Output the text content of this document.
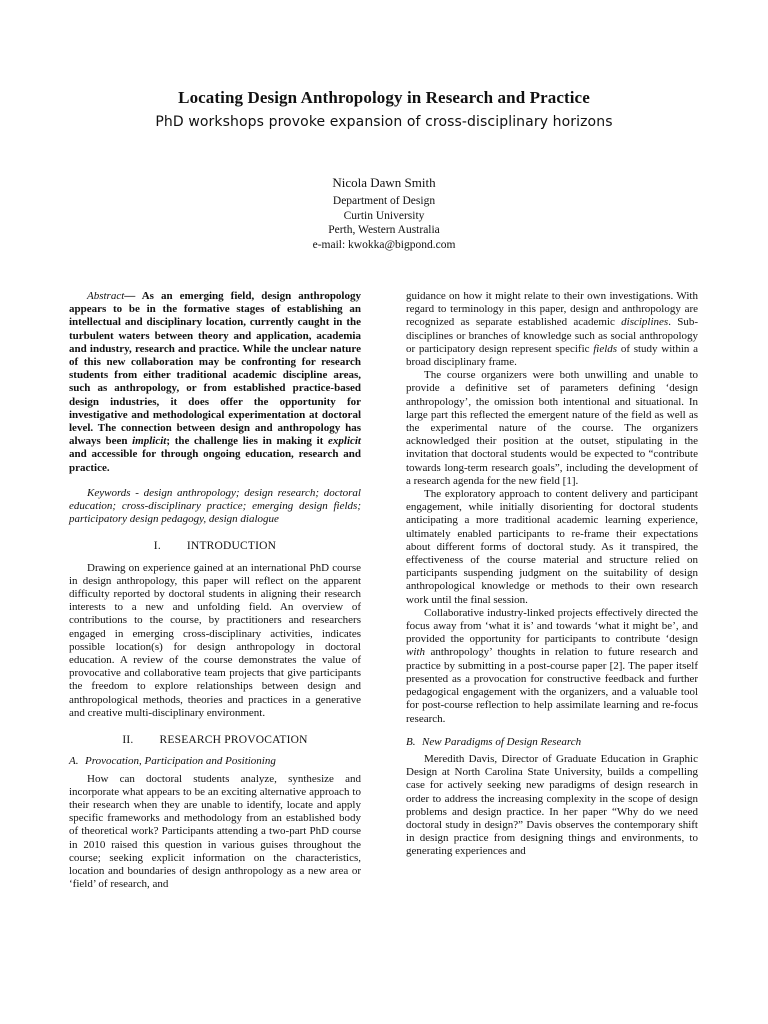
Locating Design Anthropology in Research and Practice
PhD workshops provoke expansion of cross-disciplinary horizons
Nicola Dawn Smith
Department of Design
Curtin University
Perth, Western Australia
e-mail: kwokka@bigpond.com

Abstract— As an emerging field, design anthropology appears to be in the formative stages of establishing an intellectual and disciplinary location, currently caught in the turbulent waters between theory and application, academia and industry, research and practice. While the unclear nature of this new collaboration may be confronting for research students from either traditional academic discipline areas, such as anthropology, or from established practice-based design industries, it does offer the opportunity for investigative and methodological experimentation at doctoral level. The connection between design and anthropology has always been implicit; the challenge lies in making it explicit and accessible for through ongoing education, research and practice.

Keywords - design anthropology; design research; doctoral education; cross-disciplinary practice; emerging design fields; participatory design pedagogy, design dialogue

I. INTRODUCTION

Drawing on experience gained at an international PhD course in design anthropology, this paper will reflect on the apparent difficulty reported by doctoral students in aligning their research interests to a new and unfolding field. An overview of contributions to the course, by practitioners and researchers engaged in emerging cross-disciplinary activities, indicates possible location(s) for design anthropology in doctoral education. A review of the course demonstrates the value of provocative and collaborative team projects that give participants the freedom to explore relationships between design and anthropological methods, theories and practices in a generative and creative multi-disciplinary environment.

II. RESEARCH PROVOCATION
A. Provocation, Participation and Positioning

How can doctoral students analyze, synthesize and incorporate what appears to be an exciting alternative approach to their research when they are unable to identify, locate and apply specific frameworks and methodology from an established body of theoretical work? Participants attending a two-part PhD course in 2010 raised this question in various guises throughout the course; seeking explicit information on the characteristics, location and boundaries of design anthropology as a new area or ‘field’ of research, and

guidance on how it might relate to their own investigations. With regard to terminology in this paper, design and anthropology are recognized as separate established academic disciplines. Sub-disciplines or branches of knowledge such as social anthropology or participatory design represent specific fields of study within a broad disciplinary frame.

The course organizers were both unwilling and unable to provide a definitive set of parameters defining ‘design anthropology’, the omission both intentional and situational. In large part this reflected the emergent nature of the field as well as the experimental nature of the course. The organizers acknowledged their position at the outset, stipulating in the invitation that doctoral students would be expected to “contribute towards long-term research goals”, including the development of a research agenda for the new field [1].

The exploratory approach to content delivery and participant engagement, while initially disorienting for doctoral students anticipating a more traditional academic learning experience, ultimately enabled participants to re-frame their expectations about different forms of doctoral study. As it transpired, the effectiveness of the course material and structure relied on participants suspending judgment on the suitability of design anthropological knowledge or methods to their own research work until the final session.

Collaborative industry-linked projects effectively directed the focus away from ‘what it is’ and towards ‘what it might be’, and provided the opportunity for participants to contribute ‘design with anthropology’ thoughts in relation to future research and practice by submitting in a post-course paper [2]. The paper itself presented as a provocation for constructive feedback and further pedagogical engagement with the organizers, and a valuable tool for post-course reflection to help assimilate learning and re-focus research.

B. New Paradigms of Design Research

Meredith Davis, Director of Graduate Education in Graphic Design at North Carolina State University, builds a compelling case for actively seeking new paradigms of design research in order to address the increasing complexity in the scope of design problems and design practice. In her paper “Why do we need doctoral study in design?” Davis observes the contemporary shift in design practice from designing things and environments, to generating experiences and
